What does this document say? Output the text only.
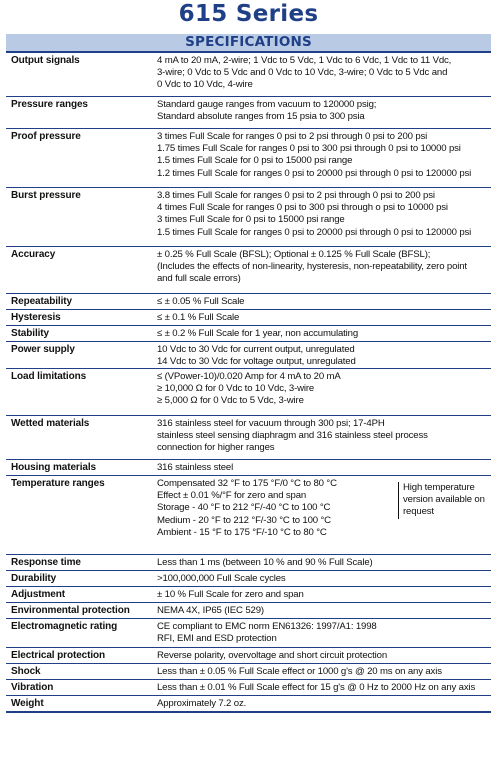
615 Series
SPECIFICATIONS
Output signals	4 mA to 20 mA, 2-wire; 1 Vdc to 5 Vdc, 1 Vdc to 6 Vdc, 1 Vdc to 11 Vdc,
3-wire; 0 Vdc to 5 Vdc and 0 Vdc to 10 Vdc, 3-wire; 0 Vdc to 5 Vdc and
0 Vdc to 10 Vdc, 4-wire
Pressure ranges	Standard gauge ranges from vacuum to 120000 psig;
Standard absolute ranges from 15 psia to 300 psia
Proof pressure	3 times Full Scale for ranges 0 psi to 2 psi through 0 psi to 200 psi
1.75 times Full Scale for ranges 0 psi to 300 psi through 0 psi to 10000 psi
1.5 times Full Scale for 0 psi to 15000 psi range
1.2 times Full Scale for ranges 0 psi to 20000 psi through 0 psi to 120000 psi
Burst pressure	3.8 times Full Scale for ranges 0 psi to 2 psi through 0 psi to 200 psi
4 times Full Scale for ranges 0 psi to 300 psi through o psi to 10000 psi
3 times Full Scale for 0 psi to 15000 psi range
1.5 times Full Scale for ranges 0 psi to 20000 psi through 0 psi to 120000 psi
Accuracy	± 0.25 % Full Scale (BFSL); Optional ± 0.125 % Full Scale (BFSL);
(Includes the effects of non-linearity, hysteresis, non-repeatability, zero point
and full scale errors)
Repeatability	≤ ± 0.05 % Full Scale
Hysteresis	≤ ± 0.1 % Full Scale
Stability	≤ ± 0.2 % Full Scale for 1 year, non accumulating
Power supply	10 Vdc to 30 Vdc for current output, unregulated
14 Vdc to 30 Vdc for voltage output, unregulated
Load limitations	≤ (VPower-10)/0.020 Amp for 4 mA to 20 mA
≥ 10,000 Ω for 0 Vdc to 10 Vdc, 3-wire
≥ 5,000 Ω for 0 Vdc to 5 Vdc, 3-wire
Wetted materials	316 stainless steel for vacuum through 300 psi; 17-4PH
stainless steel sensing diaphragm and 316 stainless steel process
connection for higher ranges
Housing materials	316 stainless steel
Temperature ranges	Compensated 32 °F to 175 °F/0 °C to 80 °C
Effect ± 0.01 %/°F for zero and span
Storage - 40 °F to 212 °F/-40 °C to 100 °C
Medium - 20 °F to 212 °F/-30 °C to 100 °C
Ambient - 15 °F to 175 °F/-10 °C to 80 °C
High temperature
version available on
request
Response time	Less than 1 ms (between 10 % and 90 % Full Scale)
Durability	>100,000,000 Full Scale cycles
Adjustment	± 10 % Full Scale for zero and span
Environmental protection	NEMA 4X, IP65 (IEC 529)
Electromagnetic rating	CE compliant to EMC norm EN61326: 1997/A1: 1998
RFI, EMI and ESD protection
Electrical protection	Reverse polarity, overvoltage and short circuit protection
Shock	Less than ± 0.05 % Full Scale effect or 1000 g's @ 20 ms on any axis
Vibration	Less than ± 0.01 % Full Scale effect for 15 g's @ 0 Hz to 2000 Hz on any axis
Weight	Approximately 7.2 oz.
